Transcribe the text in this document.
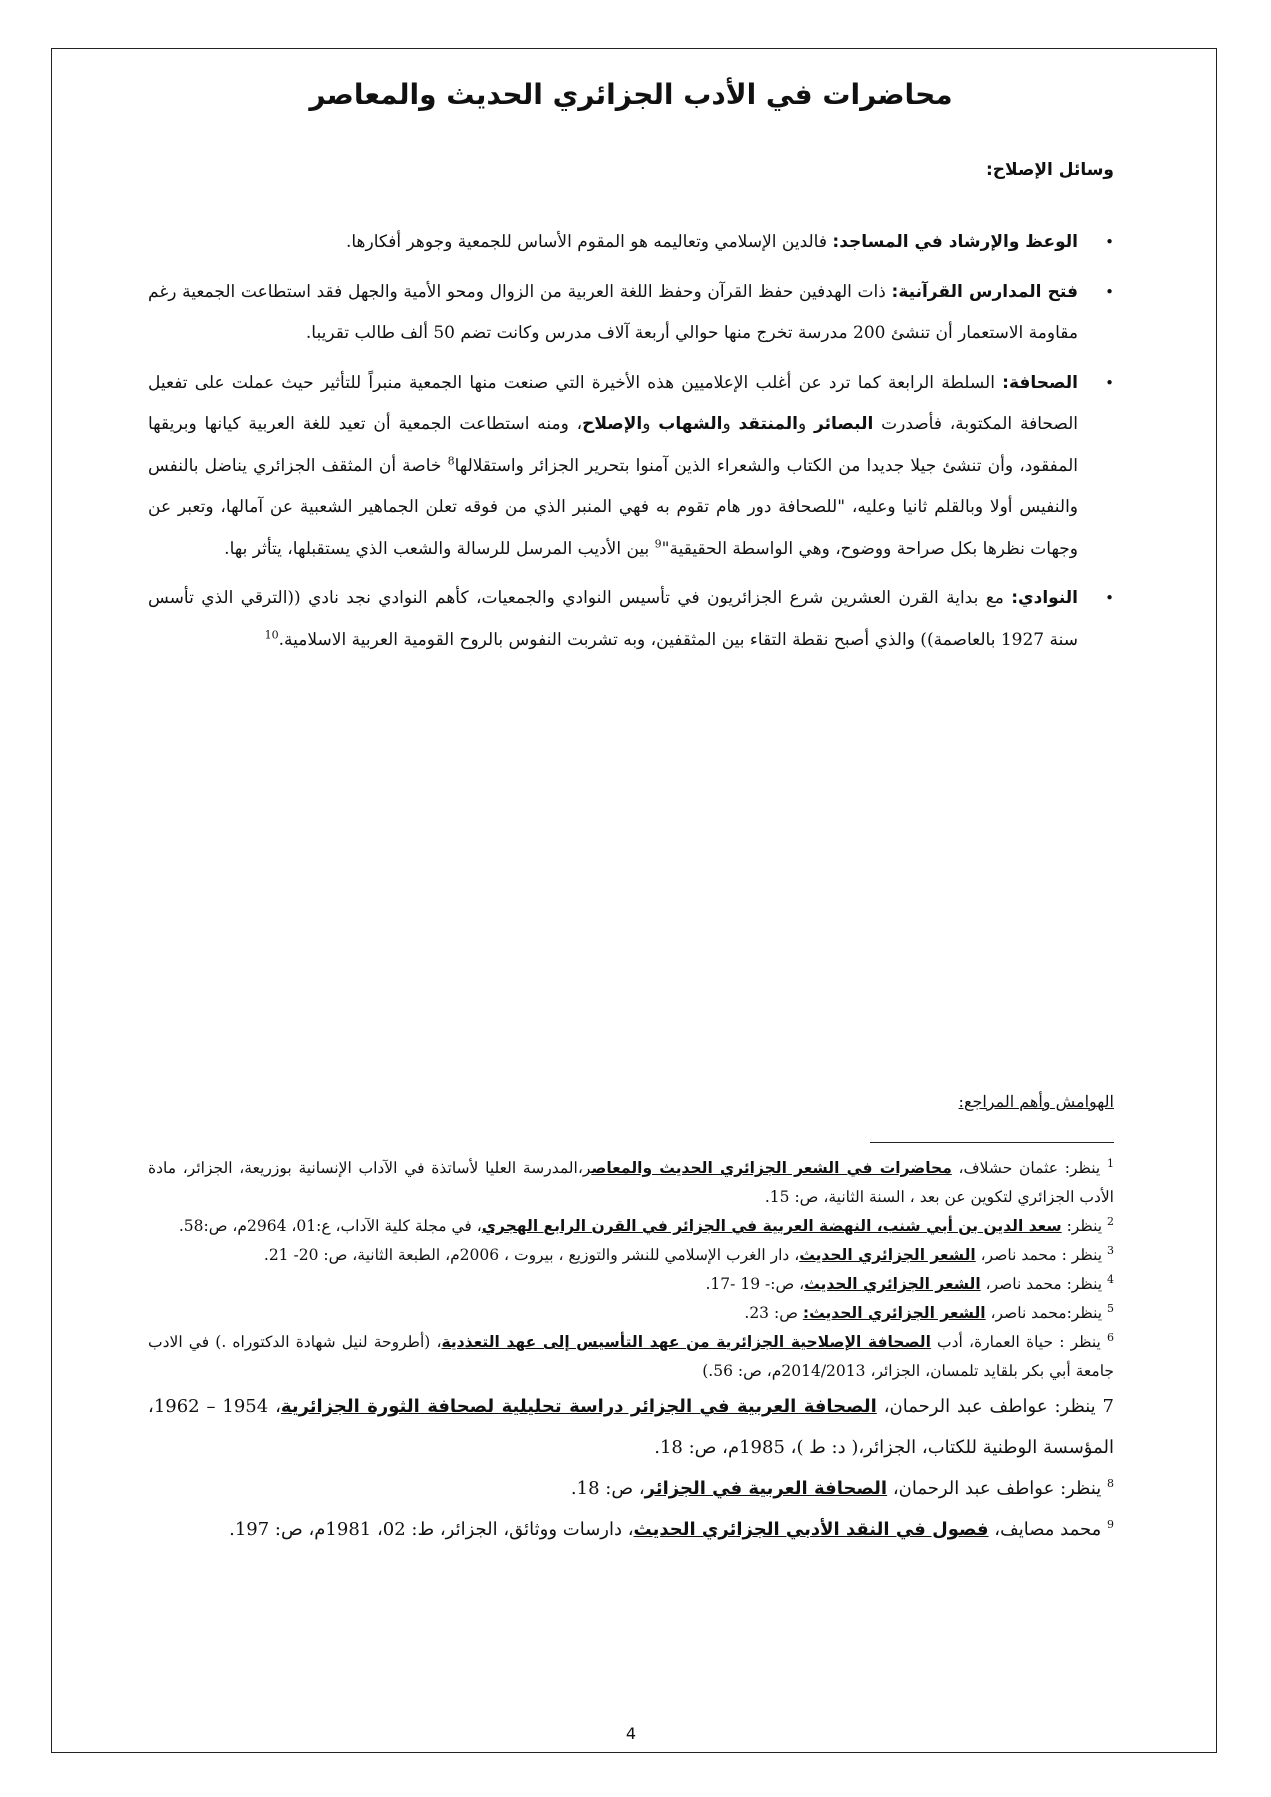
محاضرات في الأدب الجزائري الحديث والمعاصر
وسائل الإصلاح:
•
الوعظ والإرشاد في المساجد: فالدين الإسلامي وتعاليمه هو المقوم الأساس للجمعية وجوهر أفكارها.
•
فتح المدارس القرآنية: ذات الهدفين حفظ القرآن وحفظ اللغة العربية من الزوال ومحو الأمية والجهل فقد استطاعت الجمعية رغم مقاومة الاستعمار أن تنشئ 200 مدرسة تخرج منها حوالي أربعة آلاف مدرس وكانت تضم 50 ألف طالب تقريبا.
•
الصحافة: السلطة الرابعة كما ترد عن أغلب الإعلاميين هذه الأخيرة التي صنعت منها الجمعية منبراً للتأثير حيث عملت على تفعيل الصحافة المكتوبة، فأصدرت البصائر والمنتقد والشهاب والإصلاح، ومنه استطاعت الجمعية أن تعيد للغة العربية كيانها وبريقها المفقود، وأن تنشئ جيلا جديدا من الكتاب والشعراء الذين آمنوا بتحرير الجزائر واستقلالها$^8$ خاصة أن المثقف الجزائري يناضل بالنفس والنفيس أولا وبالقلم ثانيا وعليه، "للصحافة دور هام تقوم به فهي المنبر الذي من فوقه تعلن الجماهير الشعبية عن آمالها، وتعبر عن وجهات نظرها بكل صراحة ووضوح، وهي الواسطة الحقيقية"$^9$ بين الأديب المرسل للرسالة والشعب الذي يستقبلها، يتأثر بها.
•
النوادي: مع بداية القرن العشرين شرع الجزائريون في تأسيس النوادي والجمعيات، كأهم النوادي نجد نادي ((الترقي الذي تأسس سنة 1927 بالعاصمة)) والذي أصبح نقطة التقاء بين المثقفين، وبه تشربت النفوس بالروح القومية العربية الاسلامية.$^{10}$
الهوامش وأهم المراجع:

$^1$ ينظر: عثمان حشلاف، محاضرات في الشعر الجزائري الحديث والمعاصر،المدرسة العليا لأساتذة في الآداب الإنسانية بوزريعة، الجزائر، مادة الأدب الجزائري لتكوين عن بعد ، السنة الثانية، ص: 15.

$^2$ ينظر: سعد الدين بن أبي شنب، النهضة العربية في الجزائر في القرن الرابع الهجري، في مجلة كلية الآداب، ع:01، 2964م، ص:58.

$^3$ ينظر : محمد ناصر، الشعر الجزائري الحديث، دار الغرب الإسلامي للنشر والتوزيع ، بيروت ، 2006م، الطبعة الثانية، ص: 20- 21.

$^4$ ينظر: محمد ناصر، الشعر الجزائري الحديث، ص:- 19 -17.

$^5$ ينظر:محمد ناصر، الشعر الجزائري الحديث: ص: 23.

$^6$ ينظر : حياة العمارة، أدب الصحافة الإصلاحية الجزائرية من عهد التأسيس إلى عهد التعذدية، (أطروحة لنيل شهادة الدكتوراه .) في الادب جامعة أبي بكر بلقايد تلمسان، الجزائر، 2014/2013م، ص: 56.)

7 ينظر: عواطف عبد الرحمان، الصحافة العربية في الجزائر دراسة تحليلية لصحافة الثورة الجزائرية، 1954 – 1962، المؤسسة الوطنية للكتاب، الجزائر،( د: ط )، 1985م، ص: 18.

$^8$ ينظر: عواطف عبد الرحمان، الصحافة العربية في الجزائر، ص: 18.

$^9$ محمد مصايف، فصول في النقد الأدبي الجزائري الحديث، دارسات ووثائق، الجزائر، ط: 02، 1981م، ص: 197.

4
